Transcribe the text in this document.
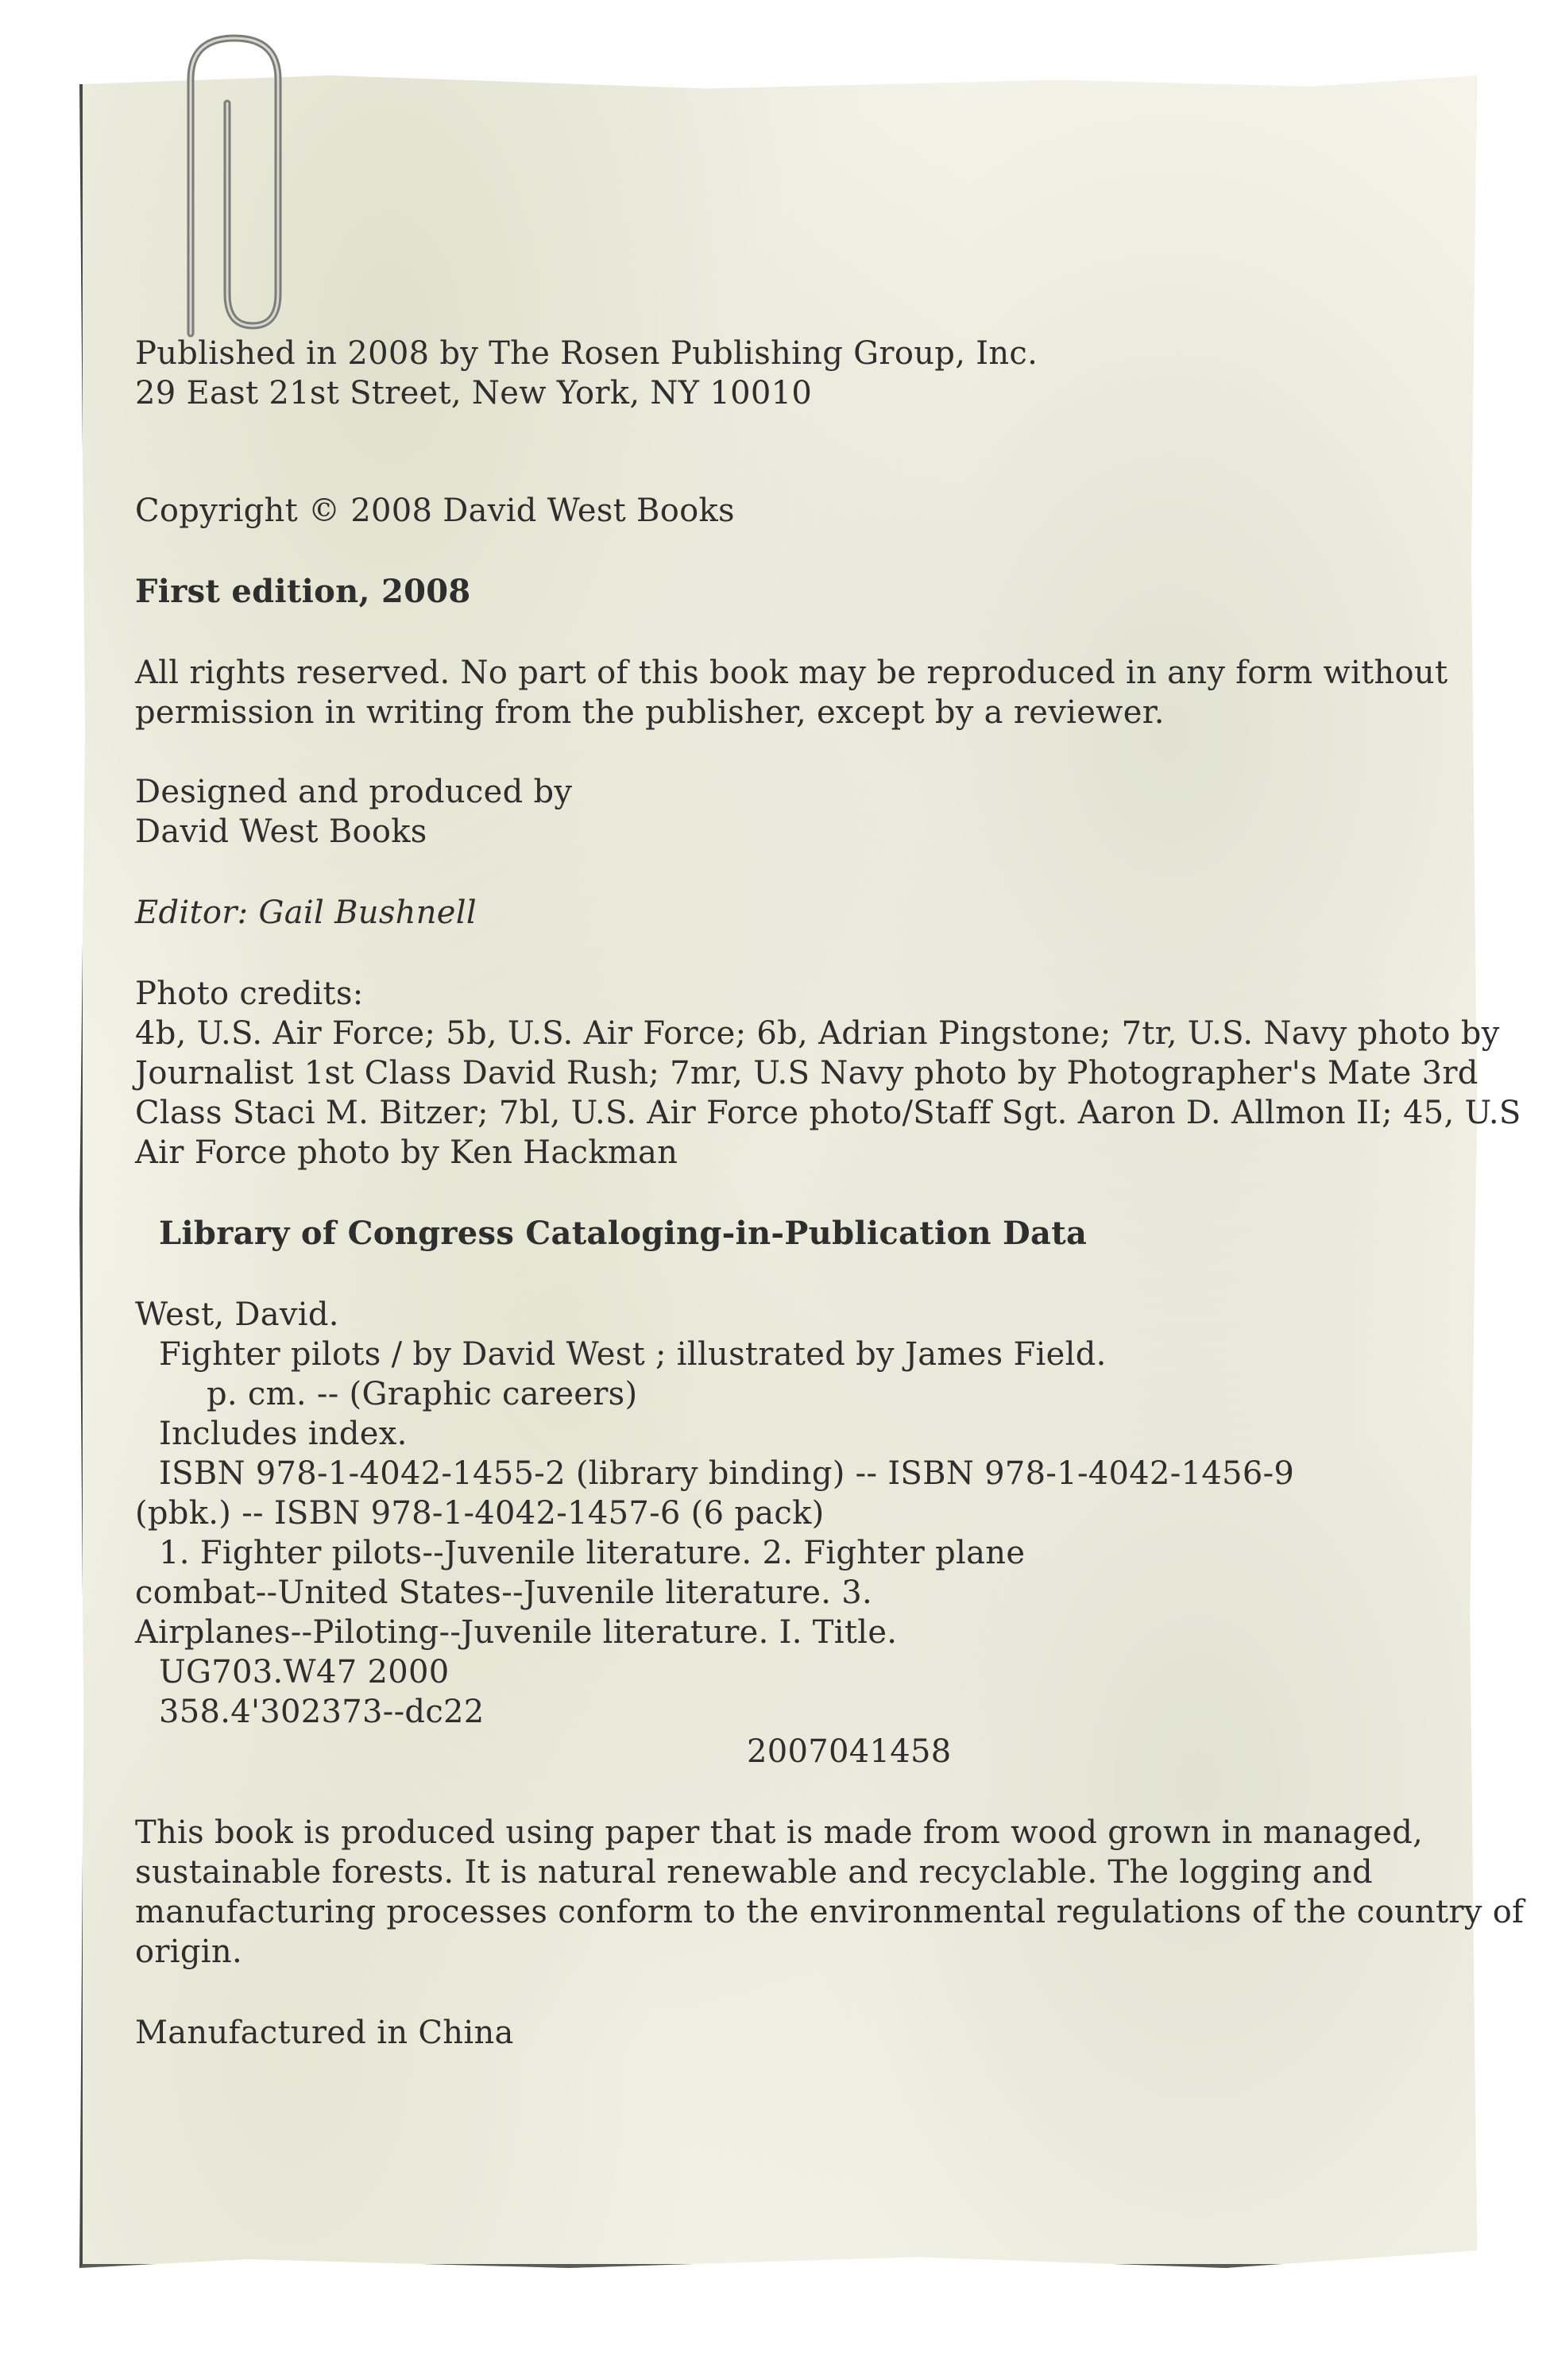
Published in 2008 by The Rosen Publishing Group, Inc.
29 East 21st Street, New York, NY 10010
Copyright © 2008 David West Books
First edition, 2008
All rights reserved. No part of this book may be reproduced in any form without
permission in writing from the publisher, except by a reviewer.
Designed and produced by
David West Books
Editor: Gail Bushnell
Photo credits:
4b, U.S. Air Force; 5b, U.S. Air Force; 6b, Adrian Pingstone; 7tr, U.S. Navy photo by
Journalist 1st Class David Rush; 7mr, U.S Navy photo by Photographer's Mate 3rd
Class Staci M. Bitzer; 7bl, U.S. Air Force photo/Staff Sgt. Aaron D. Allmon II; 45, U.S
Air Force photo by Ken Hackman
Library of Congress Cataloging-in-Publication Data
West, David.
Fighter pilots / by David West ; illustrated by James Field.
p. cm. -- (Graphic careers)
Includes index.
ISBN 978-1-4042-1455-2 (library binding) -- ISBN 978-1-4042-1456-9
(pbk.) -- ISBN 978-1-4042-1457-6 (6 pack)
1. Fighter pilots--Juvenile literature. 2. Fighter plane
combat--United States--Juvenile literature. 3.
Airplanes--Piloting--Juvenile literature. I. Title.
UG703.W47 2000
358.4'302373--dc22
2007041458
This book is produced using paper that is made from wood grown in managed,
sustainable forests. It is natural renewable and recyclable. The logging and
manufacturing processes conform to the environmental regulations of the country of
origin.
Manufactured in China
